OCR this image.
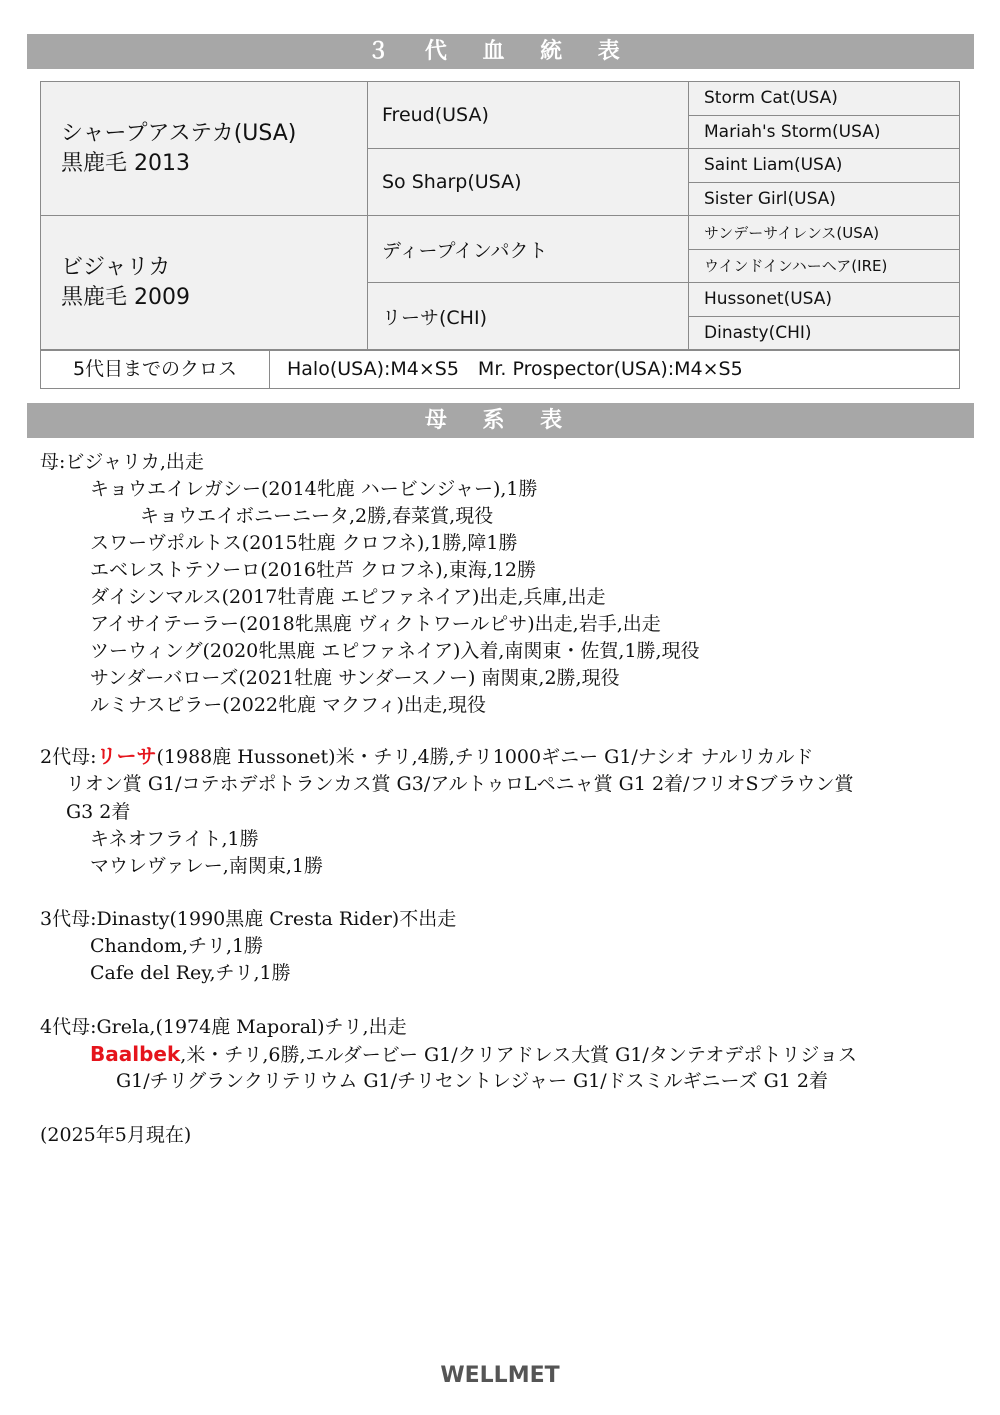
３ 代 血 統 表
シャープアステカ(USA)
黒鹿毛 2013	Freud(USA)	Storm Cat(USA)
		Mariah's Storm(USA)
	So Sharp(USA)	Saint Liam(USA)
		Sister Girl(USA)

ビジャリカ
黒鹿毛 2009	ディープインパクト	サンデーサイレンス(USA)
		ウインドインハーヘア(IRE)
	リーサ(CHI)	Hussonet(USA)
		Dinasty(CHI)
5代目までのクロス	Halo(USA):M4×S5　Mr. Prospector(USA):M4×S5
母 系 表
母:ビジャリカ,出走
キョウエイレガシー(2014牝鹿 ハービンジャー),1勝
キョウエイボニーニータ,2勝,春菜賞,現役
スワーヴポルトス(2015牡鹿 クロフネ),1勝,障1勝
エベレストテソーロ(2016牡芦 クロフネ),東海,12勝
ダイシンマルス(2017牡青鹿 エピファネイア)出走,兵庫,出走
アイサイテーラー(2018牝黒鹿 ヴィクトワールピサ)出走,岩手,出走
ツーウィング(2020牝黒鹿 エピファネイア)入着,南関東・佐賀,1勝,現役
サンダーバローズ(2021牡鹿 サンダースノー) 南関東,2勝,現役
ルミナスピラー(2022牝鹿 マクフィ)出走,現役
2代母:リーサ(1988鹿 Hussonet)米・チリ,4勝,チリ1000ギニー G1/ナシオ ナルリカルド
リオン賞 G1/コテホデポトランカス賞 G3/アルトゥロLペニャ賞 G1 2着/フリオSブラウン賞
G3 2着
キネオフライト,1勝
マウレヴァレー,南関東,1勝
3代母:Dinasty(1990黒鹿 Cresta Rider)不出走
Chandom,チリ,1勝
Cafe del Rey,チリ,1勝
4代母:Grela,(1974鹿 Maporal)チリ,出走
Baalbek,米・チリ,6勝,エルダービー G1/クリアドレス大賞 G1/タンテオデポトリジョス
G1/チリグランクリテリウム G1/チリセントレジャー G1/ドスミルギニーズ G1 2着
(2025年5月現在)
WELLMET
